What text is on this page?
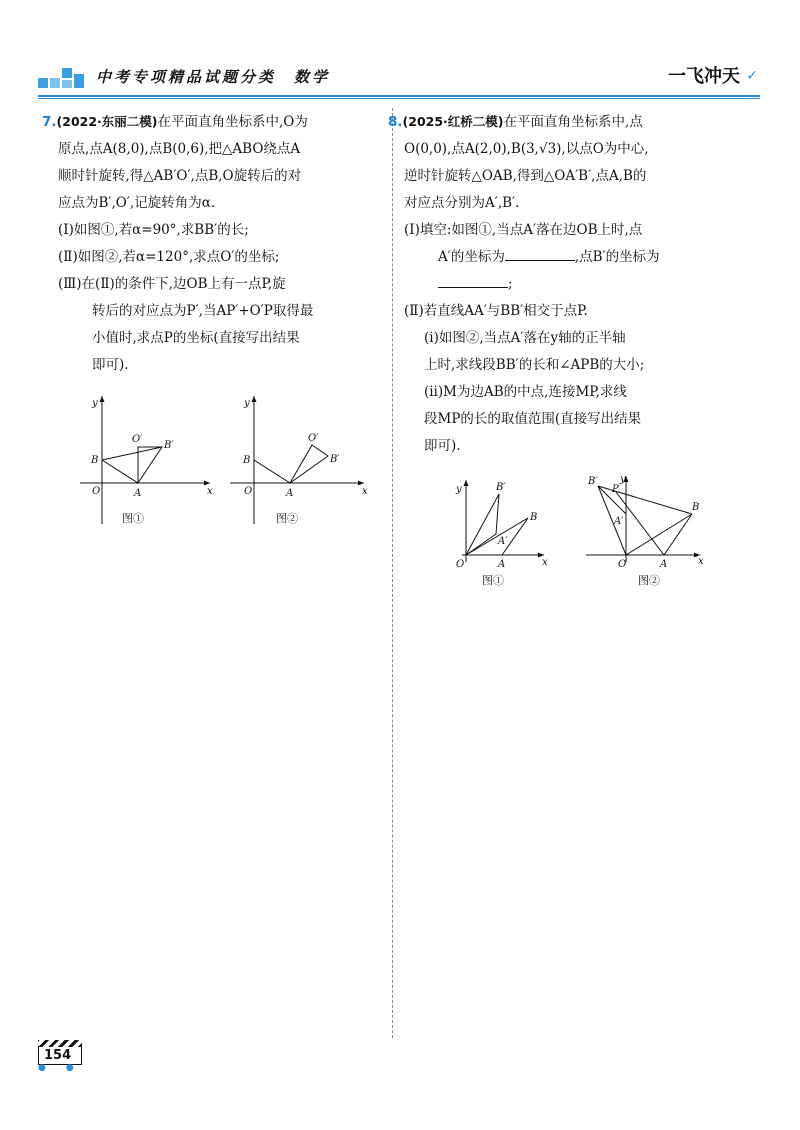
中考专项精品试题分类　数学	一飞冲天 ✓

7.(2022·东丽二模)在平面直角坐标系中,O为
原点,点A(8,0),点B(0,6),把△ABO绕点A
顺时针旋转,得△AB′O′,点B,O旋转后的对
应点为B′,O′,记旋转角为α.

(Ⅰ)如图①,若α=90°,求BB′的长;

(Ⅱ)如图②,若α=120°,求点O′的坐标;

(Ⅲ)在(Ⅱ)的条件下,边OB上有一点P,旋

转后的对应点为P′,当AP′+O′P取得最
小值时,求点P的坐标(直接写出结果
即可).

y
x
O	A
B
B′
O′
图①
y
x
O	A
B	B′
O′
图②

8.(2025·红桥二模)在平面直角坐标系中,点
O(0,0),点A(2,0),B(3,√3),以点O为中心,
逆时针旋转△OAB,得到△OA′B′,点A,B的
对应点分别为A′,B′.

(Ⅰ)填空:如图①,当点A′落在边OB上时,点

A′的坐标为	,点B′的坐标为
;

(Ⅱ)若直线AA′与BB′相交于点P.

(ⅰ)如图②,当点A′落在y轴的正半轴
上时,求线段BB′的长和∠APB的大小;

(ⅱ)M为边AB的中点,连接MP,求线
段MP的长的取值范围(直接写出结果
即可).

y
x
O	A
B
A′
B′
图①
y
x
O	A
B
A′
B′
P
图②
154
●       ●
